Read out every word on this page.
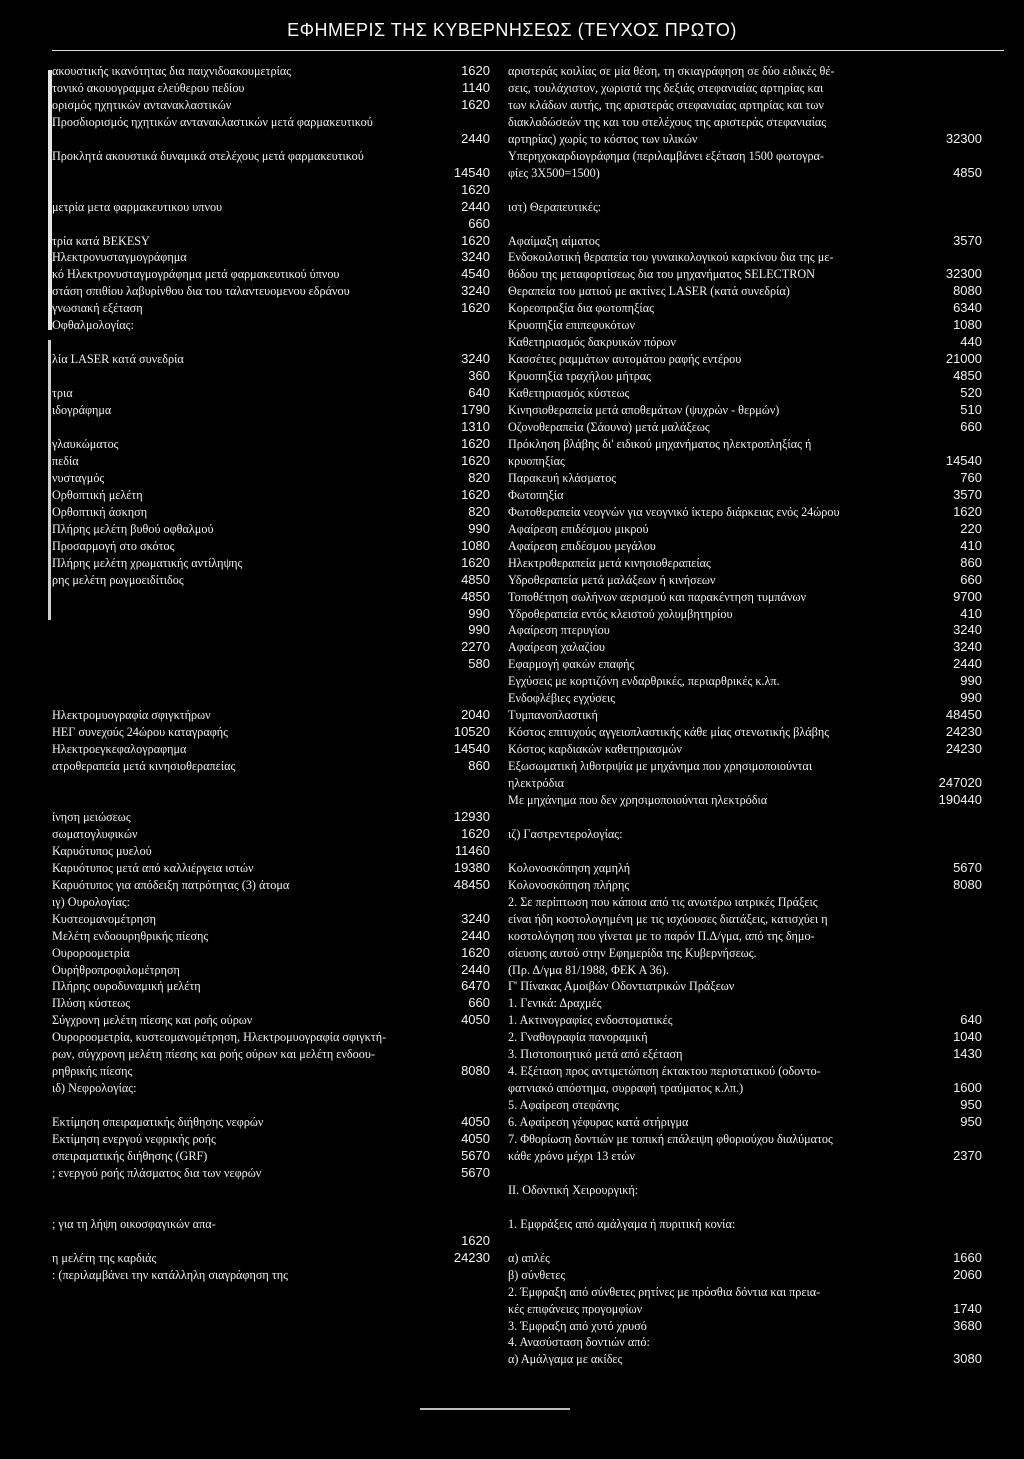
ΕΦΗΜΕΡΙΣ ΤΗΣ ΚΥΒΕΡΝΗΣΕΩΣ (ΤΕΥΧΟΣ ΠΡΩΤΟ)
ακουστικής ικανότητας δια παιχνιδοακουμετρίας	1620
τονικό ακουογραμμα ελεύθερου πεδίου	1140
ορισμός ηχητικών αντανακλαστικών	1620
Προσδιορισμός ηχητικών αντανακλαστικών μετά φαρμακευτικού
2440
Προκλητά ακουστικά δυναμικά στελέχους μετά φαρμακευτικού
14540
1620
μετρία μετα φαρμακευτικου υπνου	2440
660
τρία κατά BEKESY	1620
Ηλεκτρονυσταγμογράφημα	3240
κό Ηλεκτρονυσταγμογράφημα μετά φαρμακευτικού ύπνου	4540
στάση σπιθίου λαβυρίνθου δια του ταλαντευομενου εδράνου	3240
γνωσιακή εξέταση	1620
Οφθαλμολογίας:
λία LASER κατά συνεδρία	3240
360
τρια	640
ιδογράφημα	1790
1310
γλαυκώματος	1620
πεδία	1620
νυσταγμός	820
Ορθοπτική μελέτη	1620
Ορθοπτική άσκηση	820
Πλήρης μελέτη βυθού οφθαλμού	990
Προσαρμογή στο σκότος	1080
Πλήρης μελέτη χρωματικής αντίληψης	1620
ρης μελέτη ρωγμοειδίτιδος	4850
4850
990
990
2270
580
Ηλεκτρομυογραφία σφιγκτήρων	2040
ΗΕΓ συνεχούς 24ώρου καταγραφής	10520
Ηλεκτροεγκεφαλογραφημα	14540
ατροθεραπεία μετά κινησιοθεραπείας	860
ίνηση μειώσεως	12930
σωματογλυφικών	1620
Καρυότυπος μυελού	11460
Καρυότυπος μετά από καλλιέργεια ιστών	19380
Καρυότυπος για απόδειξη πατρότητας (3) άτομα	48450
ιγ) Ουρολογίας:
Κυστεομανομέτρηση	3240
Μελέτη ενδοουρηθρικής πίεσης	2440
Ουροροομετρία	1620
Ουρήθροπροφιλομέτρηση	2440
Πλήρης ουροδυναμική μελέτη	6470
Πλύση κύστεως	660
Σύγχρονη μελέτη πίεσης και ροής ούρων	4050
Ουροροομετρία, κυστεομανομέτρηση, Ηλεκτρομυογραφία σφιγκτή-
ρων, σύγχρονη μελέτη πίεσης και ροής ούρων και μελέτη ενδοου-
ρηθρικής πίεσης	8080
ιδ) Νεφρολογίας:
Εκτίμηση σπειραματικής διήθησης νεφρών	4050
Εκτίμηση ενεργού νεφρικής ροής	4050
σπειραματικής διήθησης (GRF)	5670
; ενεργού ροής πλάσματος δια των νεφρών	5670
; για τη λήψη οικοσφαγικών απα-
1620
η μελέτη της καρδιάς	24230
: (περιλαμβάνει την κατάλληλη σιαγράφηση της
αριστεράς κοιλίας σε μία θέση, τη σκιαγράφηση σε δύο ειδικές θέ-
σεις, τουλάχιστον, χωριστά της δεξιάς στεφανιαίας αρτηρίας και
των κλάδων αυτής, της αριστεράς στεφανιαίας αρτηρίας και των
διακλαδώσεών της και του στελέχους της αριστεράς στεφανιαίας
αρτηρίας) χωρίς το κόστος των υλικών	32300
Υπερηχοκαρδιογράφημα (περιλαμβάνει εξέταση 1500 φωτογρα-
φίες 3Χ500=1500)	4850
ιστ) Θεραπευτικές:
Αφαίμαξη αίματος	3570
Ενδοκοιλοτική θεραπεία του γυναικολογικού καρκίνου δια της με-
θόδου της μεταφορτίσεως δια του μηχανήματος SELECTRON	32300
Θεραπεία του ματιού με ακτίνες LASER (κατά συνεδρία)	8080
Κορεοπραξία δια φωτοπηξίας	6340
Κρυοπηξία επιπεφυκότων	1080
Καθετηριασμός δακρυικών πόρων	440
Κασσέτες ραμμάτων αυτομάτου ραφής εντέρου	21000
Κρυοπηξία τραχήλου μήτρας	4850
Καθετηριασμός κύστεως	520
Κινησιοθεραπεία μετά αποθεμάτων (ψυχρών - θερμών)	510
Οζονοθεραπεία (Σάουνα) μετά μαλάξεως	660
Πρόκληση βλάβης δι' ειδικού μηχανήματος ηλεκτροπληξίας ή
κρυοπηξίας	14540
Παρακευή κλάσματος	760
Φωτοπηξία	3570
Φωτοθεραπεία νεογνών για νεογνικό ίκτερο διάρκειας ενός 24ώρου	1620
Αφαίρεση επιδέσμου μικρού	220
Αφαίρεση επιδέσμου μεγάλου	410
Ηλεκτροθεραπεία μετά κινησιοθεραπείας	860
Υδροθεραπεία μετά μαλάξεων ή κινήσεων	660
Τοποθέτηση σωλήνων αερισμού και παρακέντηση τυμπάνων	9700
Υδροθεραπεία εντός κλειστού χολυμβητηρίου	410
Αφαίρεση πτερυγίου	3240
Αφαίρεση χαλαζίου	3240
Εφαρμογή φακών επαφής	2440
Εγχύσεις με κορτιζόνη ενδαρθρικές, περιαρθρικές κ.λπ.	990
Ενδοφλέβιες εγχύσεις	990
Τυμπανοπλαστική	48450
Κόστος επιτυχούς αγγειοπλαστικής κάθε μίας στενωτικής βλάβης	24230
Κόστος καρδιακών καθετηριασμών	24230
Εξωσωματική λιθοτριψία με μηχάνημα που χρησιμοποιούνται
ηλεκτρόδια	247020
Με μηχάνημα που δεν χρησιμοποιούνται ηλεκτρόδια	190440
ιζ) Γαστρεντερολογίας:
Κολονοσκόπηση χαμηλή	5670
Κολονοσκόπηση πλήρης	8080
2. Σε περίπτωση που κάποια από τις ανωτέρω ιατρικές Πράξεις
είναι ήδη κοστολογημένη με τις ισχύουσες διατάξεις, κατισχύει η
κοστολόγηση που γίνεται με το παρόν Π.Δ/γμα, από της δημο-
σίευσης αυτού στην Εφημερίδα της Κυβερνήσεως.
(Πρ. Δ/γμα 81/1988, ΦΕΚ Α 36).
Γ' Πίνακας Αμοιβών Οδοντιατρικών Πράξεων
1. Γενικά: Δραχμές
1. Ακτινογραφίες ενδοστοματικές	640
2. Γναθογραφία πανοραμική	1040
3. Πιστοποιητικό μετά από εξέταση	1430
4. Εξέταση προς αντιμετώπιση έκτακτου περιστατικού (οδοντο-
φατνιακό απόστημα, συρραφή τραύματος κ.λπ.)	1600
5. Αφαίρεση στεφάνης	950
6. Αφαίρεση γέφυρας κατά στήριγμα	950
7. Φθορίωση δοντιών με τοπική επάλειψη φθοριούχου διαλύματος
κάθε χρόνο μέχρι 13 ετών	2370
ΙΙ. Οδοντική Χειρουργική:
1. Εμφράξεις από αμάλγαμα ή πυριτική κονία:
α) απλές	1660
β) σύνθετες	2060
2. Έμφραξη από σύνθετες ρητίνες με πρόσθια δόντια και πρεια-
κές επιφάνειες προγομφίων	1740
3. Έμφραξη από χυτό χρυσό	3680
4. Ανασύσταση δοντιών από:
α) Αμάλγαμα με ακίδες	3080
